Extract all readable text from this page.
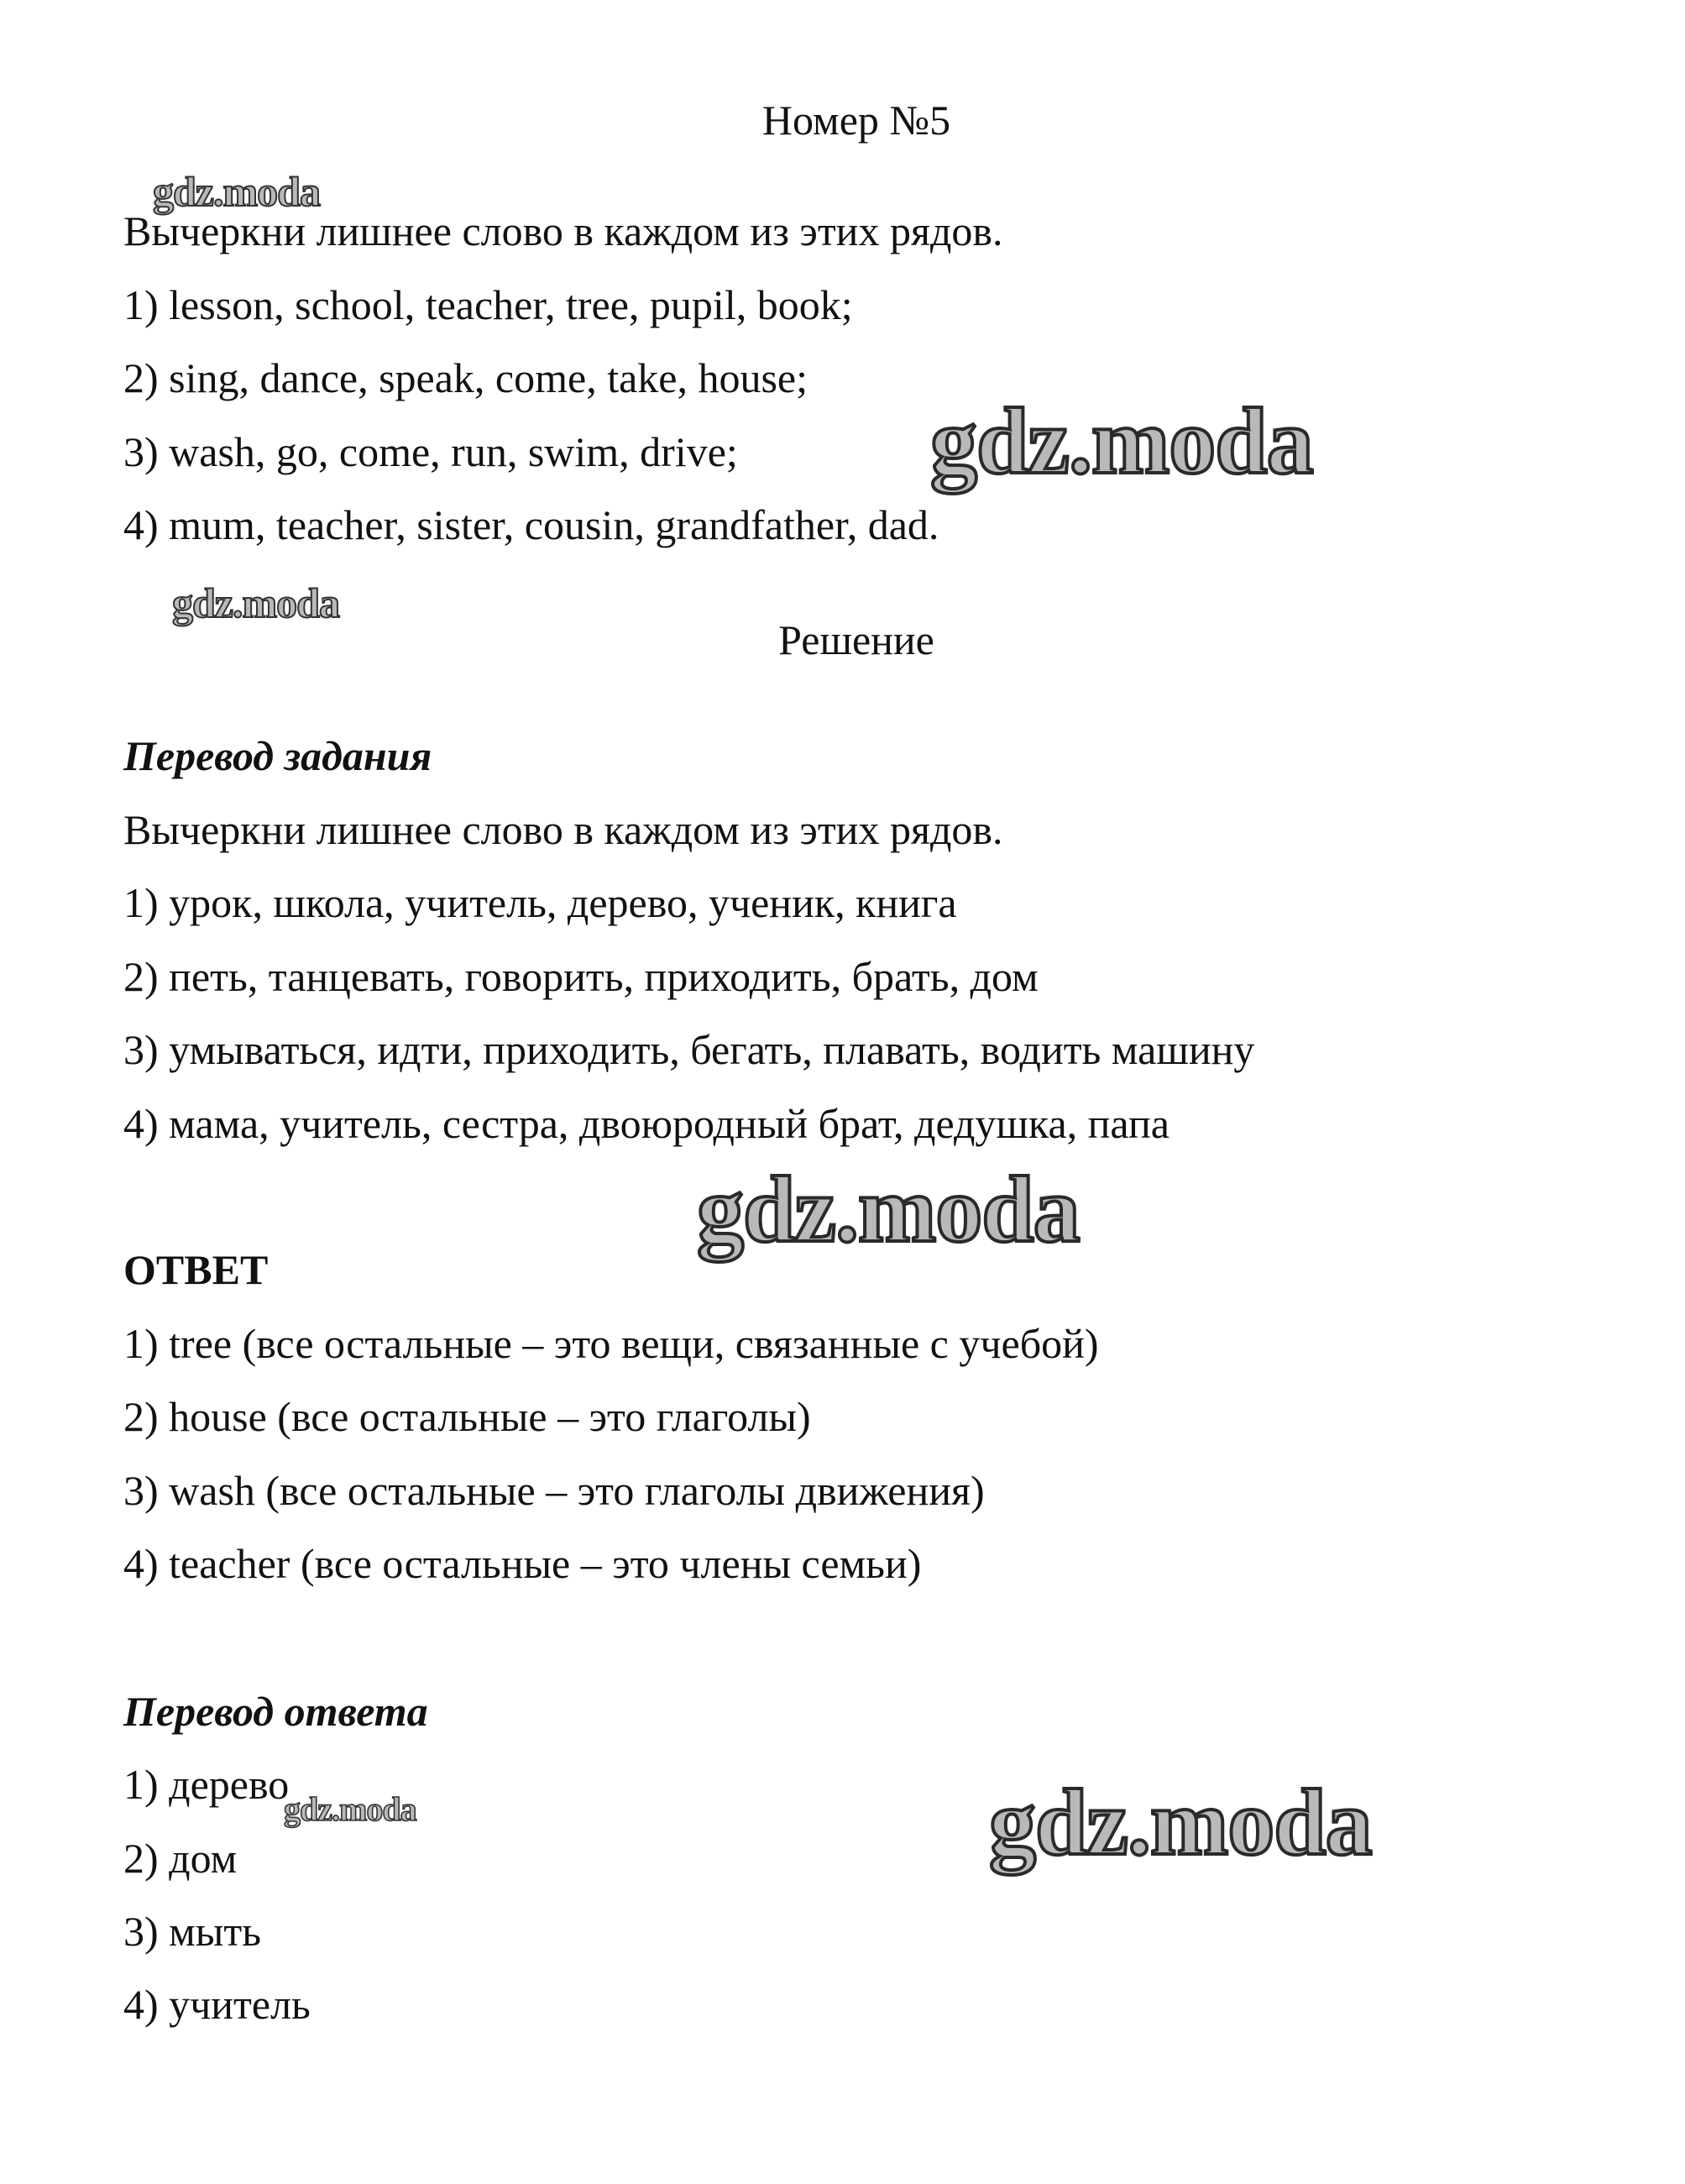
gdz.moda
gdz.moda
gdz.moda
gdz.moda
gdz.moda	gdz.moda
Номер №5
Вычеркни лишнее слово в каждом из этих рядов.
1) lesson, school, teacher, tree, pupil, book;
2) sing, dance, speak, come, take, house;
3) wash, go, come, run, swim, drive;
4) mum, teacher, sister, cousin, grandfather, dad.
Решение
Перевод задания
Вычеркни лишнее слово в каждом из этих рядов.
1) урок, школа, учитель, дерево, ученик, книга
2) петь, танцевать, говорить, приходить, брать, дом
3) умываться, идти, приходить, бегать, плавать, водить машину
4) мама, учитель, сестра, двоюродный брат, дедушка, папа
ОТВЕТ
1) tree (все остальные – это вещи, связанные с учебой)
2) house (все остальные – это глаголы)
3) wash (все остальные – это глаголы движения)
4) teacher (все остальные – это члены семьи)
Перевод ответа
1) дерево
2) дом
3) мыть
4) учитель
